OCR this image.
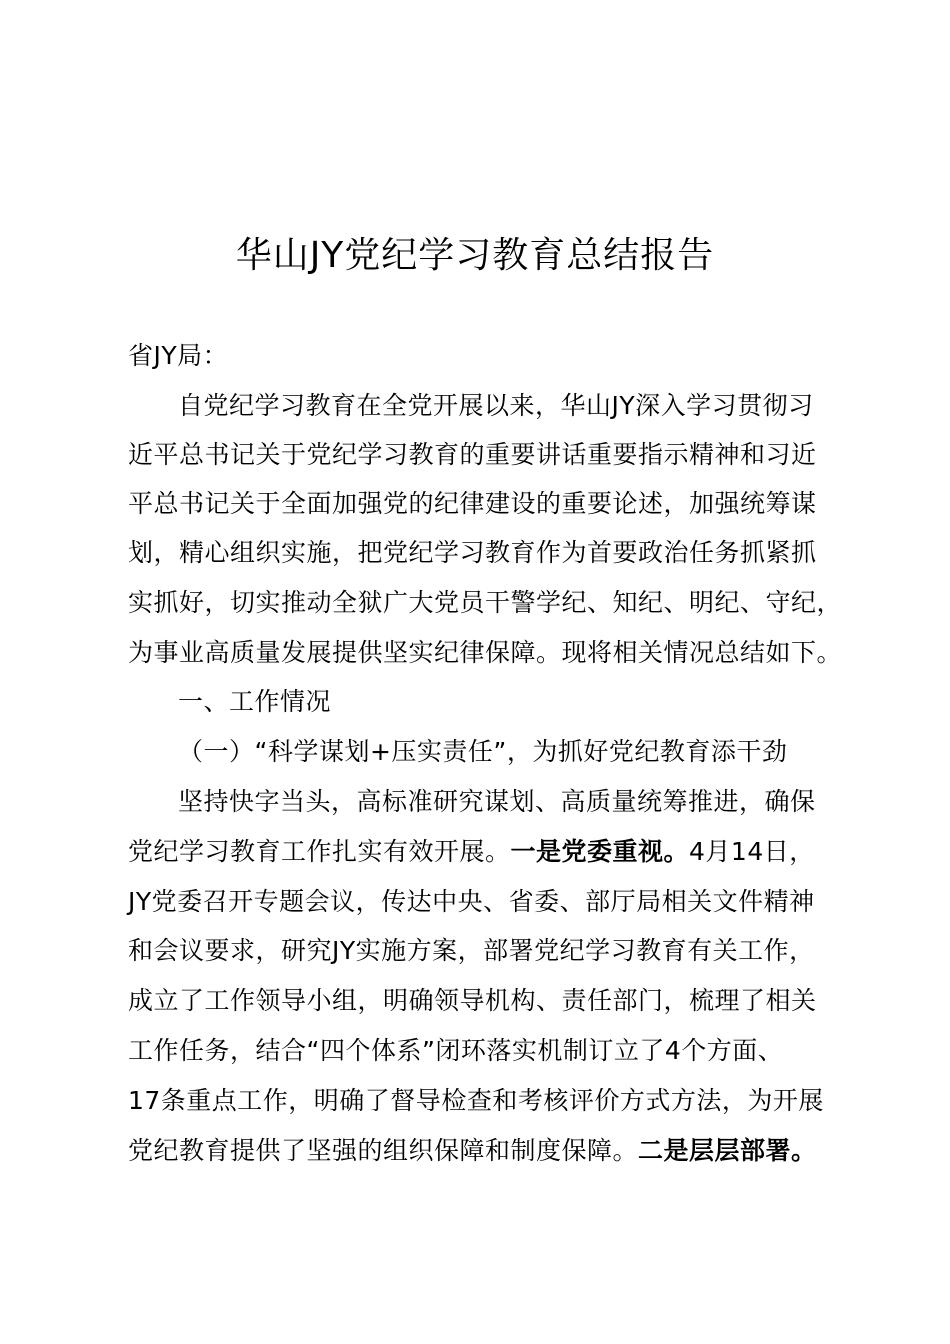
华山JY党纪学习教育总结报告
省JY局：
自党纪学习教育在全党开展以来，华山JY深入学习贯彻习
近平总书记关于党纪学习教育的重要讲话重要指示精神和习近
平总书记关于全面加强党的纪律建设的重要论述，加强统筹谋
划，精心组织实施，把党纪学习教育作为首要政治任务抓紧抓
实抓好，切实推动全狱广大党员干警学纪、知纪、明纪、守纪，
为事业高质量发展提供坚实纪律保障。现将相关情况总结如下。
一、工作情况
（一）“科学谋划+压实责任”，为抓好党纪教育添干劲
坚持快字当头，高标准研究谋划、高质量统筹推进，确保
党纪学习教育工作扎实有效开展。一是党委重视。4月14日，
JY党委召开专题会议，传达中央、省委、部厅局相关文件精神
和会议要求，研究JY实施方案，部署党纪学习教育有关工作，
成立了工作领导小组，明确领导机构、责任部门，梳理了相关
工作任务，结合“四个体系”闭环落实机制订立了4个方面、
17条重点工作，明确了督导检查和考核评价方式方法，为开展
党纪教育提供了坚强的组织保障和制度保障。二是层层部署。
